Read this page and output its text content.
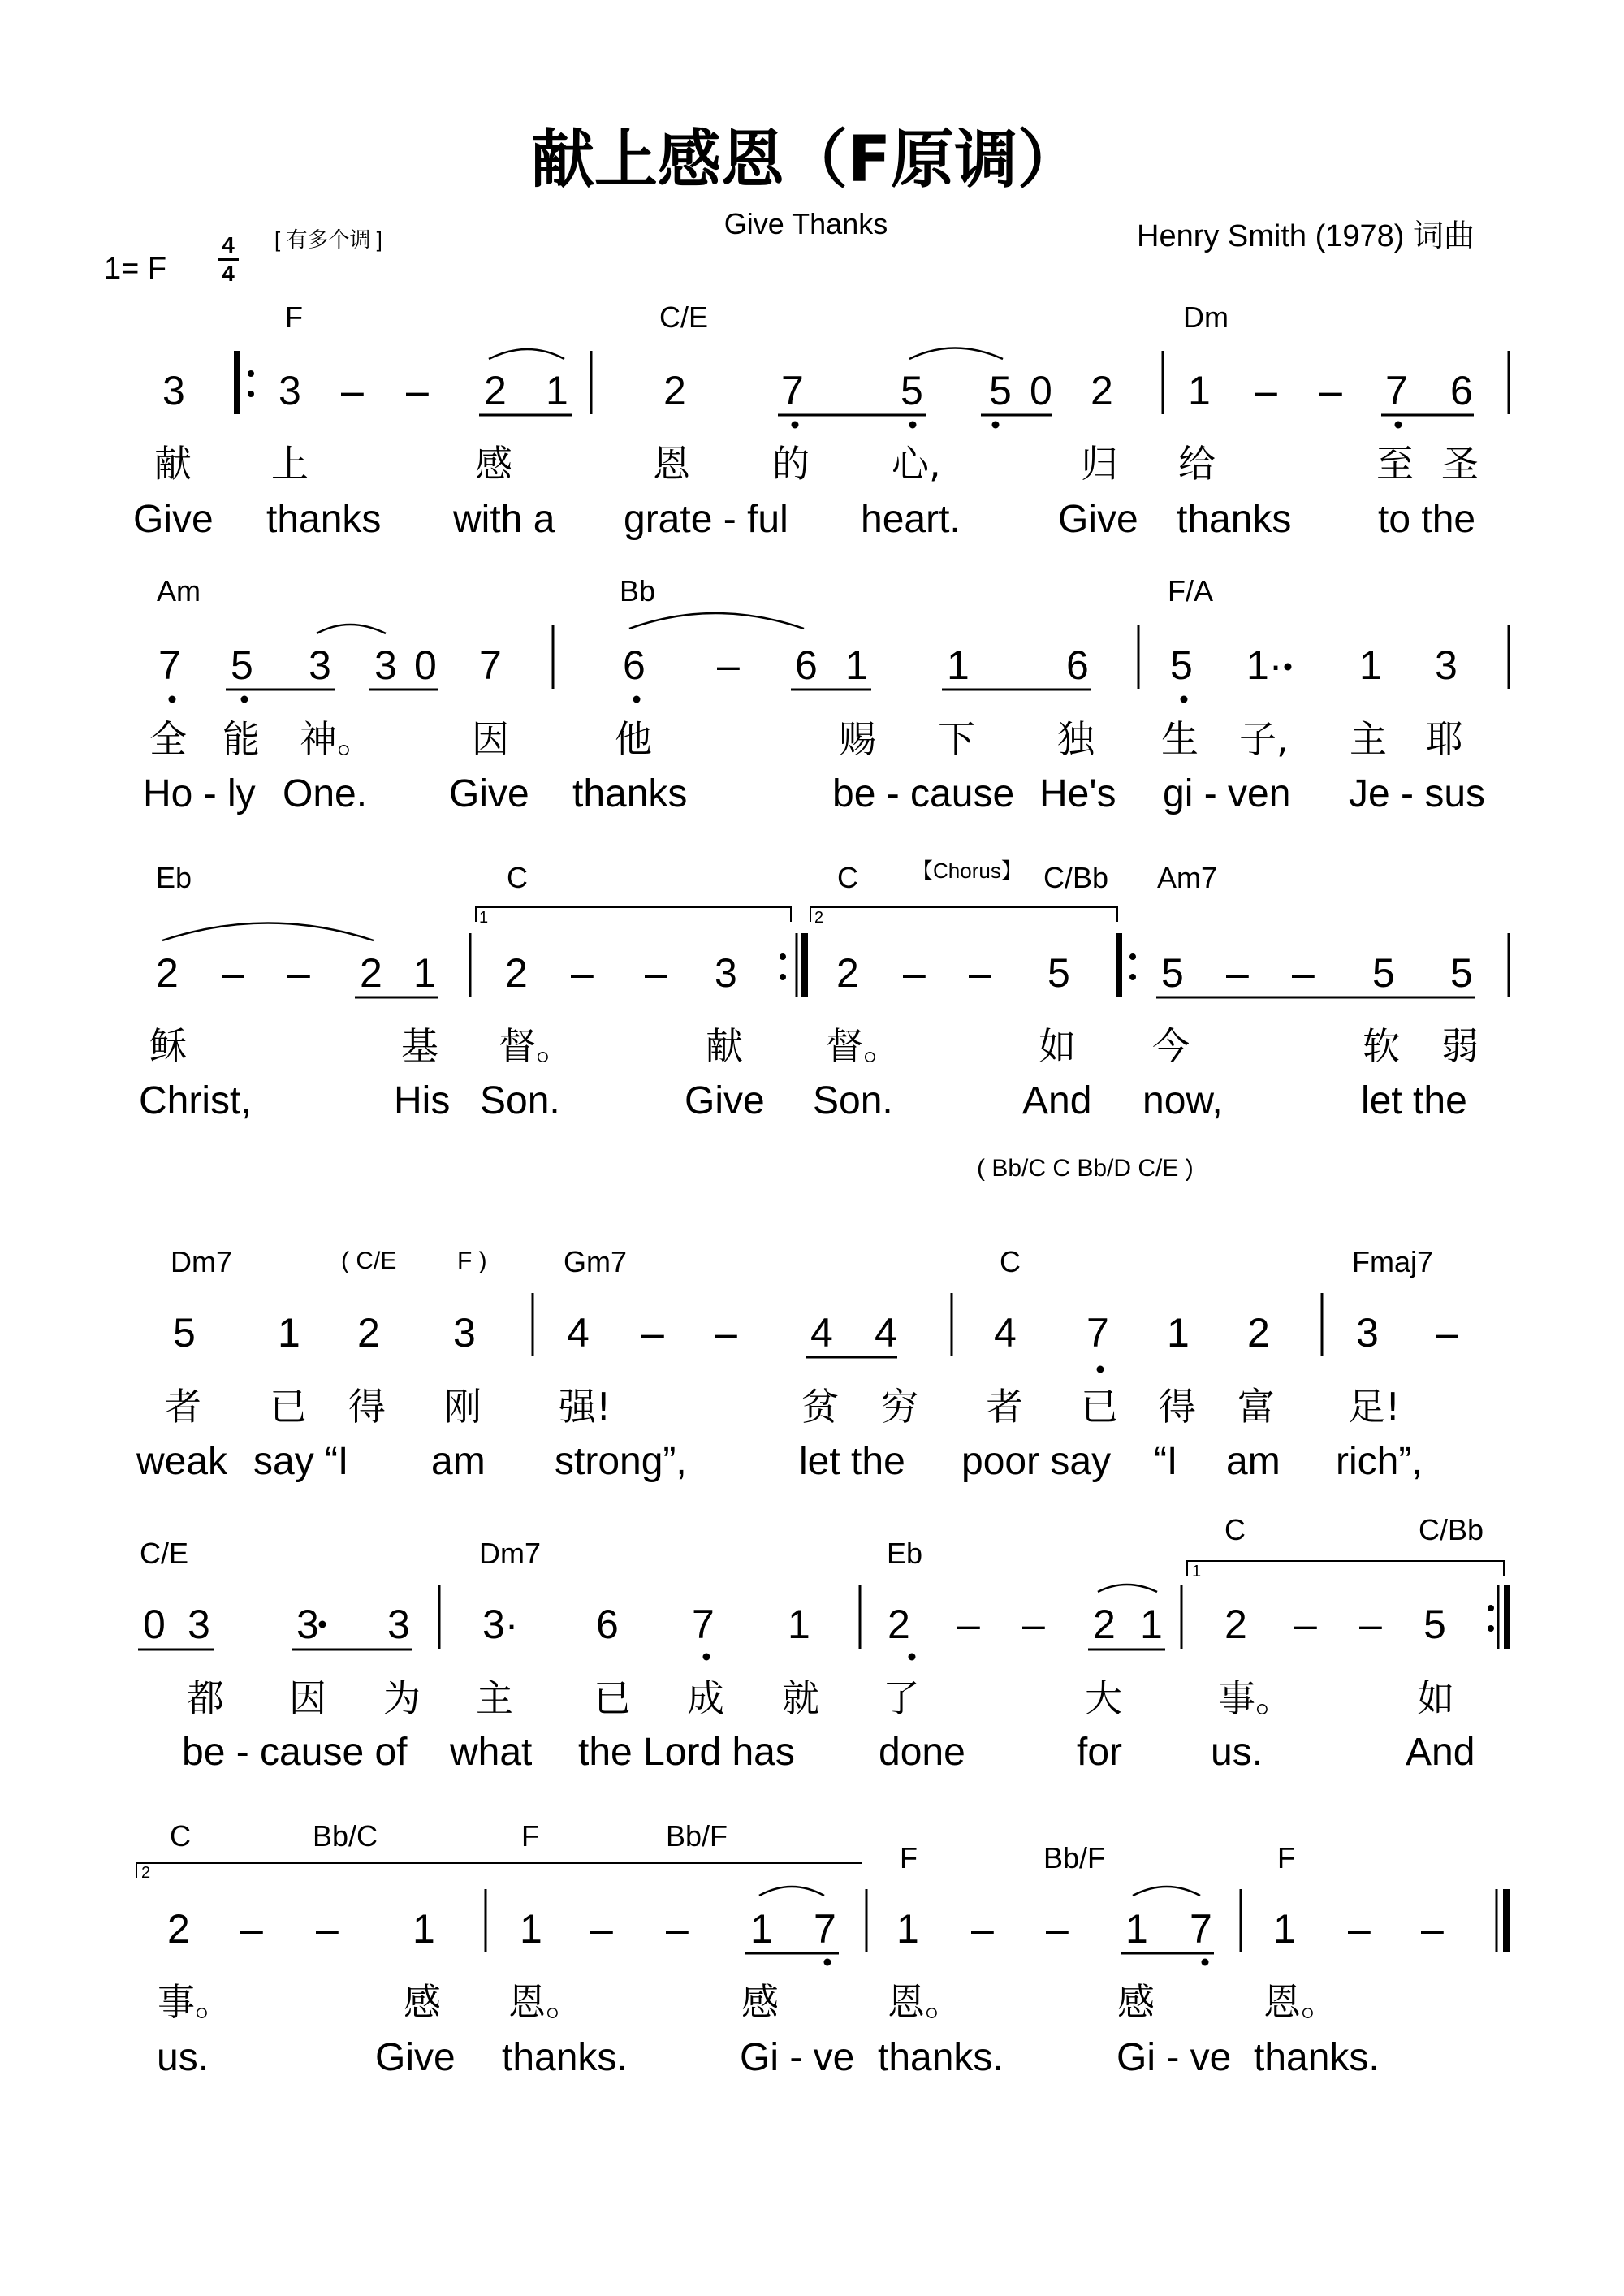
献上感恩（F原调）
Give Thanks	Henry Smith (1978) 词曲
1= F
4
4
[ 有多个调 ]
F	C/E	Dm
3 3 – – 2 1 2 7 5 5 0 2 1 – – 7 6
献 上	感	恩 的 心,	归 给	至 圣
Give thanks with a grate - ful heart.	Give thanks to the
Am	Bb	F/A
7 5 3 3 0 7	6 – 6 1 1 6 5 1· 1 3
全 能 神。	因	他	赐 下 独 生 子, 主 耶
Ho - ly One. Give thanks	be - cause He's gi - ven Je - sus
Eb	C	C	【Chorus】 C/Bb Am7
1	2
2 – – 2 1 2 – – 3 2 – – 5 5 – – 5 5
稣	基 督。	献 督。	如 今	软 弱
Christ,	His Son.	Give Son.	And now,	let the
( Bb/C C Bb/D C/E )
Dm7	( C/E F )	Gm7	C	Fmaj7
5 1 2 3 4 – – 4 4 4 7 1 2 3 –
者 已 得 刚 强!	贫 穷 者 已 得 富 足!
weak say “I am strong”,	let the poor say “I am rich”,
C/E	Dm7	Eb
C	C/Bb
1
0 3 3 3 3· 6 7 1 2 – – 2 1 2 – – 5
都 因 为 主 已 成 就 了	大	事。	如
be - cause of what the Lord has done	for us.	And
C	Bb/C	F	Bb/F
F	Bb/F	F
2
2 – – 1 1 – – 1 7 1 – – 1 7 1 – –
事。	感 恩。	感	恩。	感	恩。
us.	Give thanks.	Gi - ve thanks.	Gi - ve thanks.
